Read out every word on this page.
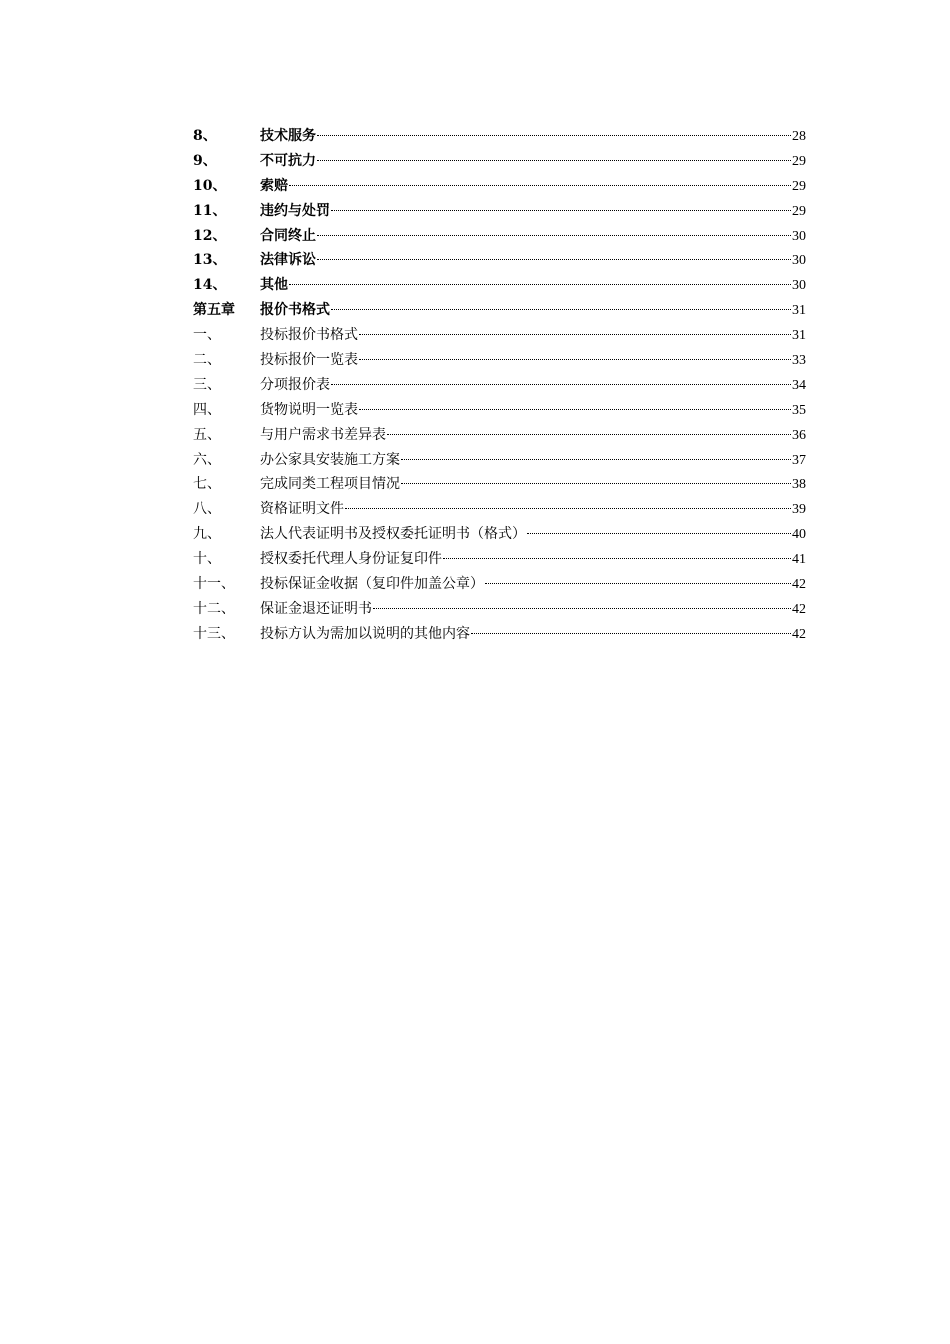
8、	技术服务	28
9、	不可抗力	29
10、	索赔	29
11、	违约与处罚	29
12、	合同终止	30
13、	法律诉讼	30
14、	其他	30
第五章	报价书格式	31
一、	投标报价书格式	31
二、	投标报价一览表	33
三、	分项报价表	34
四、	货物说明一览表	35
五、	与用户需求书差异表	36
六、	办公家具安装施工方案	37
七、	完成同类工程项目情况	38
八、	资格证明文件	39
九、	法人代表证明书及授权委托证明书（格式）	40
十、	授权委托代理人身份证复印件	41
十一、	投标保证金收据（复印件加盖公章）	42
十二、	保证金退还证明书	42
十三、	投标方认为需加以说明的其他内容	42
